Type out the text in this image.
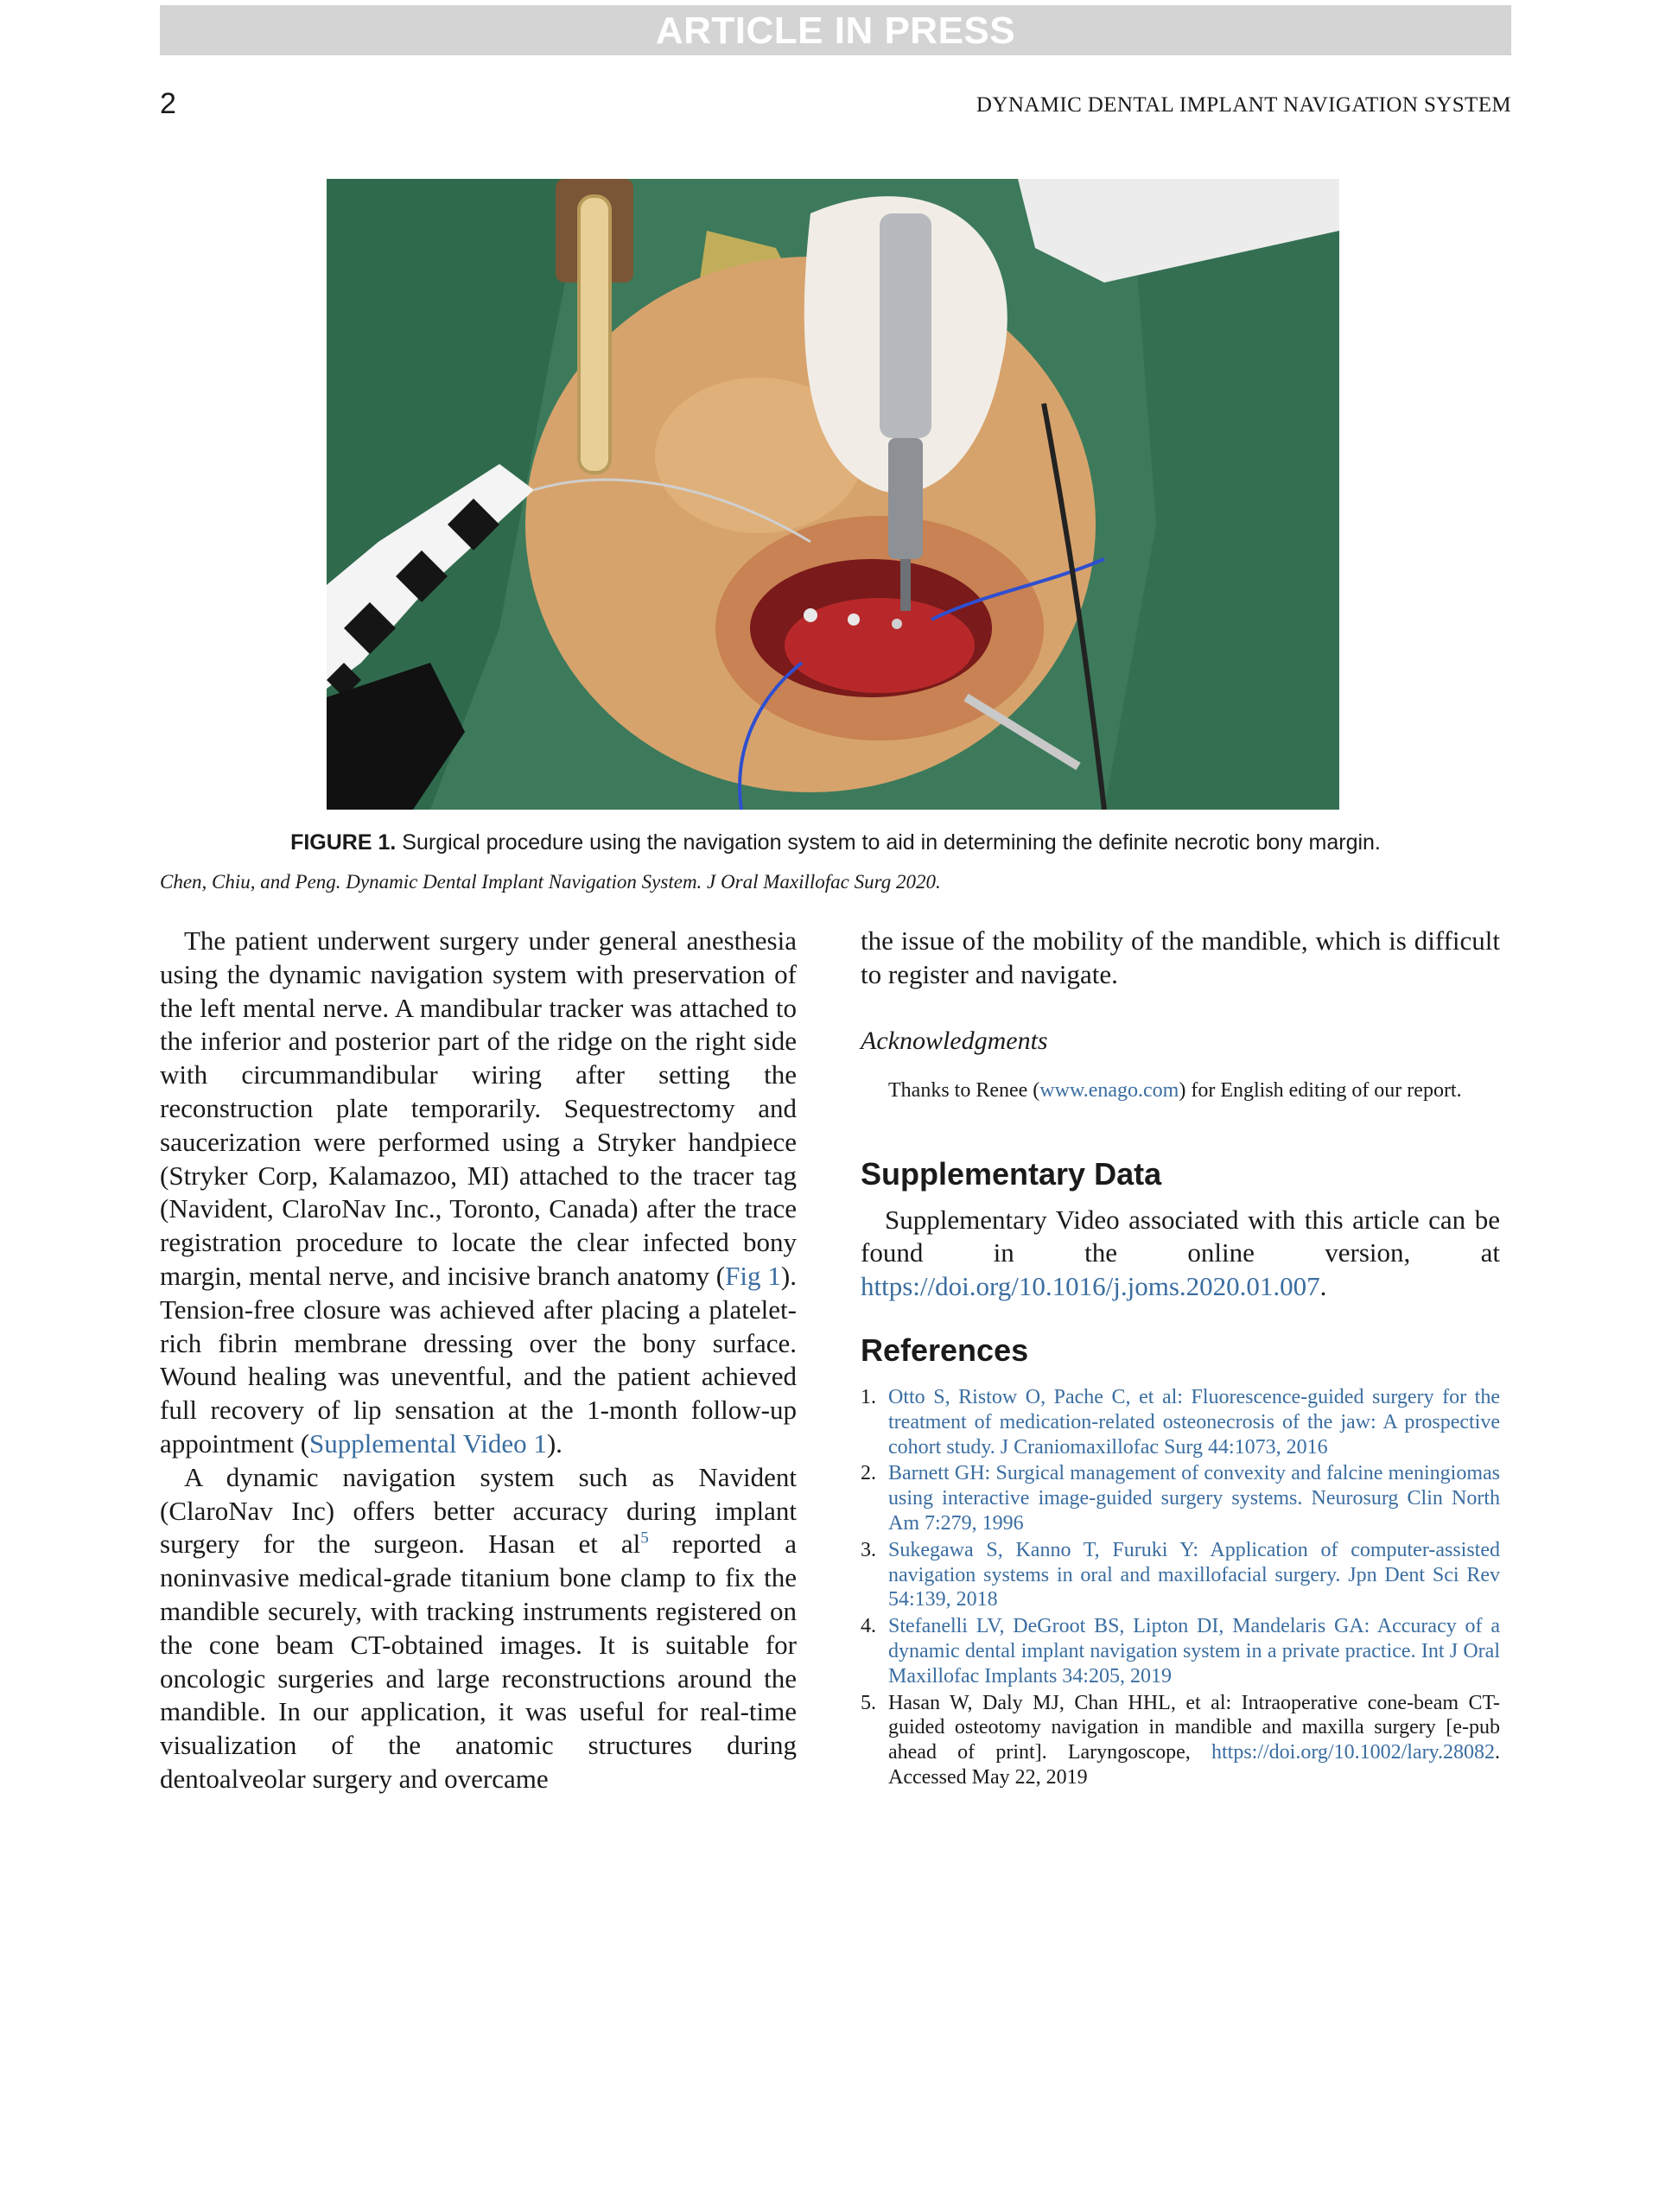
ARTICLE IN PRESS
2	DYNAMIC DENTAL IMPLANT NAVIGATION SYSTEM
FIGURE 1. Surgical procedure using the navigation system to aid in determining the definite necrotic bony margin.
Chen, Chiu, and Peng. Dynamic Dental Implant Navigation System. J Oral Maxillofac Surg 2020.

The patient underwent surgery under general anesthesia using the dynamic navigation system with preservation of the left mental nerve. A mandibular tracker was attached to the inferior and posterior part of the ridge on the right side with circummandibular wiring after setting the reconstruction plate temporarily. Sequestrectomy and saucerization were performed using a Stryker handpiece (Stryker Corp, Kalamazoo, MI) attached to the tracer tag (Navident, ClaroNav Inc., Toronto, Canada) after the trace registration procedure to locate the clear infected bony margin, mental nerve, and incisive branch anatomy (Fig 1). Tension-free closure was achieved after placing a platelet-rich fibrin membrane dressing over the bony surface. Wound healing was uneventful, and the patient achieved full recovery of lip sensation at the 1-month follow-up appointment (Supplemental Video 1).

A dynamic navigation system such as Navident (ClaroNav Inc) offers better accuracy during implant surgery for the surgeon. Hasan et $al^5$ reported a noninvasive medical-grade titanium bone clamp to fix the mandible securely, with tracking instruments registered on the cone beam CT-obtained images. It is suitable for oncologic surgeries and large reconstructions around the mandible. In our application, it was useful for real-time visualization of the anatomic structures during dentoalveolar surgery and overcame

the issue of the mobility of the mandible, which is difficult to register and navigate.

Acknowledgments

Thanks to Renee (www.enago.com) for English editing of our report.

Supplementary Data

Supplementary Video associated with this article can be found in the online version, at https://doi.org/10.1016/j.joms.2020.01.007.

References
1. Otto S, Ristow O, Pache C, et al: Fluorescence-guided surgery for the treatment of medication-related osteonecrosis of the jaw: A prospective cohort study. J Craniomaxillofac Surg 44:1073, 2016
2. Barnett GH: Surgical management of convexity and falcine meningiomas using interactive image-guided surgery systems. Neurosurg Clin North Am 7:279, 1996
3. Sukegawa S, Kanno T, Furuki Y: Application of computer-assisted navigation systems in oral and maxillofacial surgery. Jpn Dent Sci Rev 54:139, 2018
4. Stefanelli LV, DeGroot BS, Lipton DI, Mandelaris GA: Accuracy of a dynamic dental implant navigation system in a private practice. Int J Oral Maxillofac Implants 34:205, 2019
5. Hasan W, Daly MJ, Chan HHL, et al: Intraoperative cone-beam CT-guided osteotomy navigation in mandible and maxilla surgery [e-pub ahead of print]. Laryngoscope, https://doi.org/10.1002/lary.28082. Accessed May 22, 2019
